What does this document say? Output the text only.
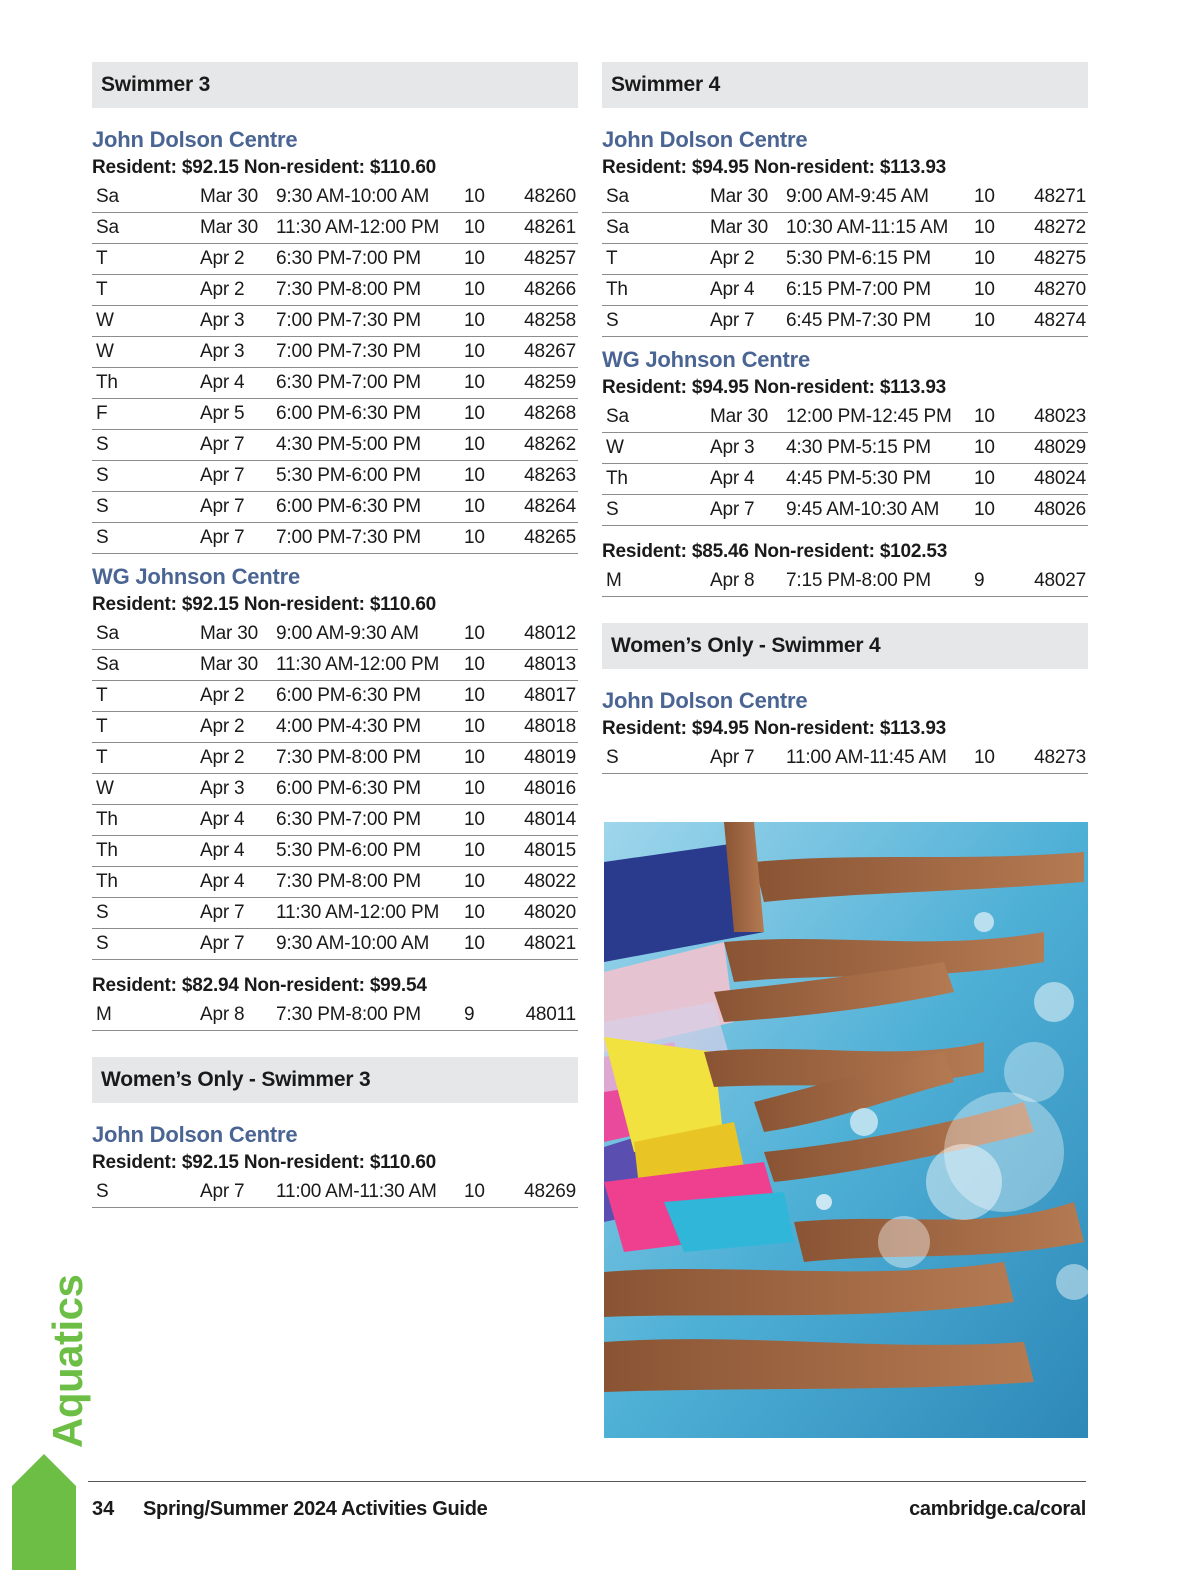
Swimmer 3
John Dolson Centre
Resident: $92.15 Non-resident: $110.60
Sa	Mar 30 9:30 AM-10:00 AM	10	48260
Sa	Mar 30 11:30 AM-12:00 PM	10	48261
T	Apr 2	6:30 PM-7:00 PM	10	48257
T	Apr 2	7:30 PM-8:00 PM	10	48266
W	Apr 3	7:00 PM-7:30 PM	10	48258
W	Apr 3	7:00 PM-7:30 PM	10	48267
Th	Apr 4	6:30 PM-7:00 PM	10	48259
F	Apr 5	6:00 PM-6:30 PM	10	48268
S	Apr 7	4:30 PM-5:00 PM	10	48262
S	Apr 7	5:30 PM-6:00 PM	10	48263
S	Apr 7	6:00 PM-6:30 PM	10	48264
S	Apr 7	7:00 PM-7:30 PM	10	48265
WG Johnson Centre
Resident: $92.15 Non-resident: $110.60
Sa	Mar 30 9:00 AM-9:30 AM	10	48012
Sa	Mar 30 11:30 AM-12:00 PM	10	48013
T	Apr 2	6:00 PM-6:30 PM	10	48017
T	Apr 2	4:00 PM-4:30 PM	10	48018
T	Apr 2	7:30 PM-8:00 PM	10	48019
W	Apr 3	6:00 PM-6:30 PM	10	48016
Th	Apr 4	6:30 PM-7:00 PM	10	48014
Th	Apr 4	5:30 PM-6:00 PM	10	48015
Th	Apr 4	7:30 PM-8:00 PM	10	48022
S	Apr 7	11:30 AM-12:00 PM	10	48020
S	Apr 7	9:30 AM-10:00 AM	10	48021
Resident: $82.94 Non-resident: $99.54
M	Apr 8	7:30 PM-8:00 PM	9	48011
Women’s Only - Swimmer 3
John Dolson Centre
Resident: $92.15 Non-resident: $110.60
S	Apr 7	11:00 AM-11:30 AM	10	48269
Swimmer 4
John Dolson Centre
Resident: $94.95 Non-resident: $113.93
Sa	Mar 30 9:00 AM-9:45 AM	10	48271
Sa	Mar 30 10:30 AM-11:15 AM	10	48272
T	Apr 2	5:30 PM-6:15 PM	10	48275
Th	Apr 4	6:15 PM-7:00 PM	10	48270
S	Apr 7	6:45 PM-7:30 PM	10	48274
WG Johnson Centre
Resident: $94.95 Non-resident: $113.93
Sa	Mar 30 12:00 PM-12:45 PM	10	48023
W	Apr 3	4:30 PM-5:15 PM	10	48029
Th	Apr 4	4:45 PM-5:30 PM	10	48024
S	Apr 7	9:45 AM-10:30 AM	10	48026
Resident: $85.46 Non-resident: $102.53
M	Apr 8	7:15 PM-8:00 PM	9	48027
Women’s Only - Swimmer 4
John Dolson Centre
Resident: $94.95 Non-resident: $113.93
S	Apr 7	11:00 AM-11:45 AM	10	48273
Aquatics
34 Spring/Summer 2024 Activities Guide	cambridge.ca/coral
